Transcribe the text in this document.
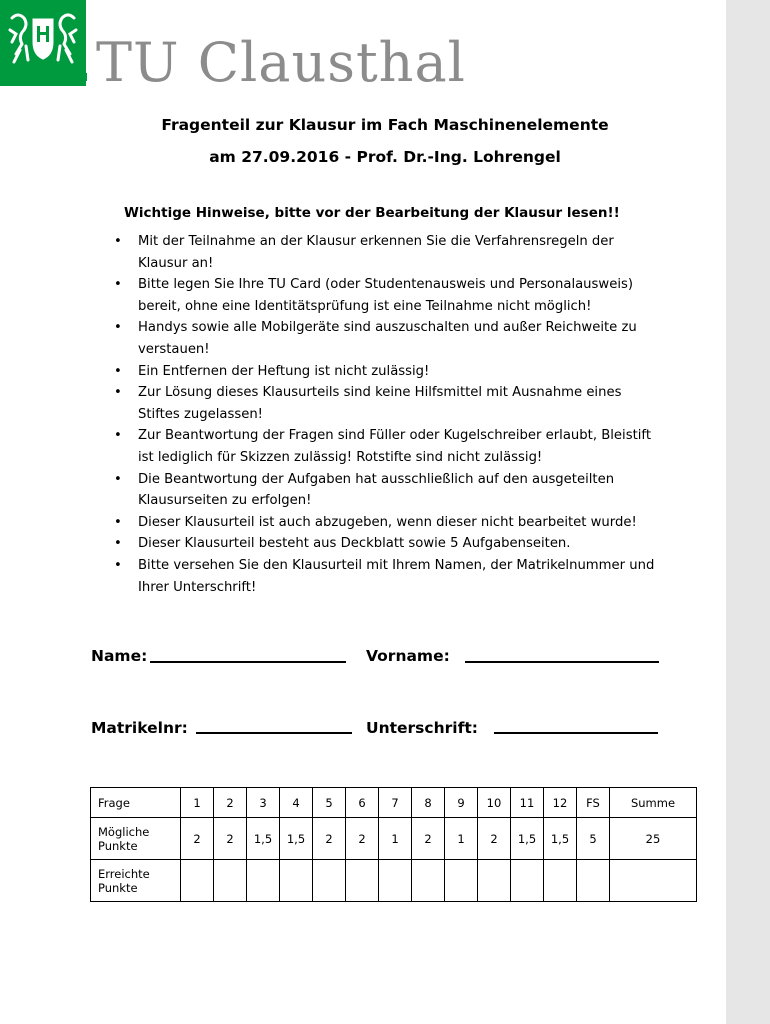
TU Clausthal
Fragenteil zur Klausur im Fach Maschinenelemente
am 27.09.2016 - Prof. Dr.-Ing. Lohrengel
Wichtige Hinweise, bitte vor der Bearbeitung der Klausur lesen!!
• Mit der Teilnahme an der Klausur erkennen Sie die Verfahrensregeln der
Klausur an!
• Bitte legen Sie Ihre TU Card (oder Studentenausweis und Personalausweis)
bereit, ohne eine Identitätsprüfung ist eine Teilnahme nicht möglich!
• Handys sowie alle Mobilgeräte sind auszuschalten und außer Reichweite zu
verstauen!
• Ein Entfernen der Heftung ist nicht zulässig!
• Zur Lösung dieses Klausurteils sind keine Hilfsmittel mit Ausnahme eines
Stiftes zugelassen!
• Zur Beantwortung der Fragen sind Füller oder Kugelschreiber erlaubt, Bleistift
ist lediglich für Skizzen zulässig! Rotstifte sind nicht zulässig!
• Die Beantwortung der Aufgaben hat ausschließlich auf den ausgeteilten
Klausurseiten zu erfolgen!
• Dieser Klausurteil ist auch abzugeben, wenn dieser nicht bearbeitet wurde!
• Dieser Klausurteil besteht aus Deckblatt sowie 5 Aufgabenseiten.
• Bitte versehen Sie den Klausurteil mit Ihrem Namen, der Matrikelnummer und
Ihrer Unterschrift!
Name:	Vorname:
Matrikelnr:	Unterschrift:
Frage	1	2	3	4	5	6	7	8	9	10	11	12	FS	Summe
Mögliche
Punkte	2	2	1,5	1,5	2	2	1	2	1	2	1,5	1,5	5	25
Erreichte
Punkte														
